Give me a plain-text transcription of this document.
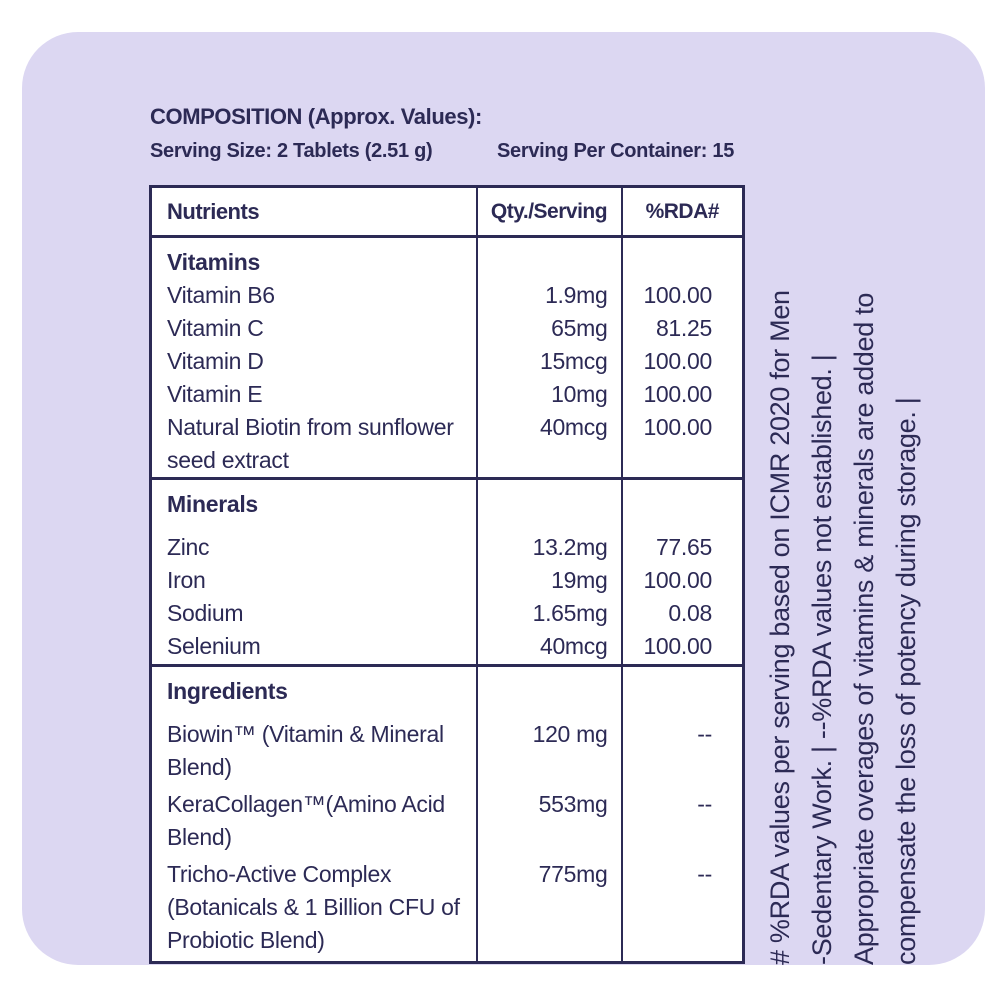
COMPOSITION (Approx. Values):
Serving Size: 2 Tablets (2.51 g)	Serving Per Container: 15
Nutrients	Qty./Serving	%RDA#
Vitamins		
Vitamin B6	1.9mg	100.00
Vitamin C	65mg	81.25
Vitamin D	15mcg	100.00
Vitamin E	10mg	100.00
Natural Biotin from sunflower seed extract	40mcg	100.00
Minerals		
Zinc	13.2mg	77.65
Iron	19mg	100.00
Sodium	1.65mg	0.08
Selenium	40mcg	100.00
Ingredients		
Biowin™ (Vitamin & Mineral Blend)	120 mg	--
KeraCollagen™(Amino Acid Blend)	553mg	--
Tricho-Active Complex (Botanicals & 1 Billion CFU of Probiotic Blend)	775mg	-- # %RDA values per serving based on ICMR 2020 for Men -Sedentary Work. | --%RDA values not established. | Appropriate overages of vitamins & minerals are added to compensate the loss of potency during storage. |
